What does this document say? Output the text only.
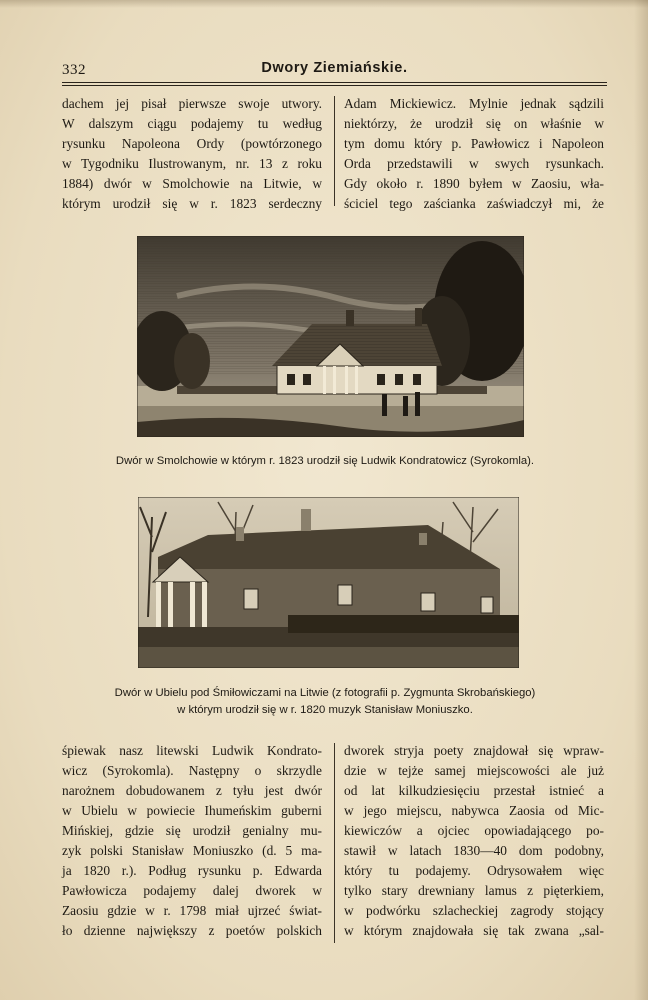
332	Dwory Ziemiańskie.
dachem jej pisał pierwsze swoje utwory.
W dalszym ciągu podajemy tu według
rysunku Napoleona Ordy (powtórzonego
w Tygodniku Ilustrowanym, nr. 13 z roku
1884) dwór w Smolchowie na Litwie, w
którym urodził się w r. 1823 serdeczny
Adam Mickiewicz. Mylnie jednak sądzili
niektórzy, że urodził się on właśnie w
tym domu który p. Pawłowicz i Napoleon
Orda przedstawili w swych rysunkach.
Gdy około r. 1890 byłem w Zaosiu, wła-
ściciel tego zaścianka zaświadczył mi, że
Dwór w Smolchowie w którym r. 1823 urodził się Ludwik Kondratowicz (Syrokomla).
Dwór w Ubielu pod Śmiłowiczami na Litwie (z fotografii p. Zygmunta Skrobańskiego)
w którym urodził się w r. 1820 muzyk Stanisław Moniuszko.
śpiewak nasz litewski Ludwik Kondrato-
wicz (Syrokomla). Następny o skrzydle
narożnem dobudowanem z tyłu jest dwór
w Ubielu w powiecie Ihumeńskim guberni
Mińskiej, gdzie się urodził genialny mu-
zyk polski Stanisław Moniuszko (d. 5 ma-
ja 1820 r.). Podług rysunku p. Edwarda
Pawłowicza podajemy dalej dworek w
Zaosiu gdzie w r. 1798 miał ujrzeć świat-
ło dzienne największy z poetów polskich
dworek stryja poety znajdował się wpraw-
dzie w tejże samej miejscowości ale już
od lat kilkudziesięciu przestał istnieć a
w jego miejscu, nabywca Zaosia od Mic-
kiewiczów a ojciec opowiadającego po-
stawił w latach 1830—40 dom podobny,
który tu podajemy. Odrysowałem więc
tylko stary drewniany lamus z pięterkiem,
w podwórku szlacheckiej zagrody stojący
w którym znajdowała się tak zwana „sal-
